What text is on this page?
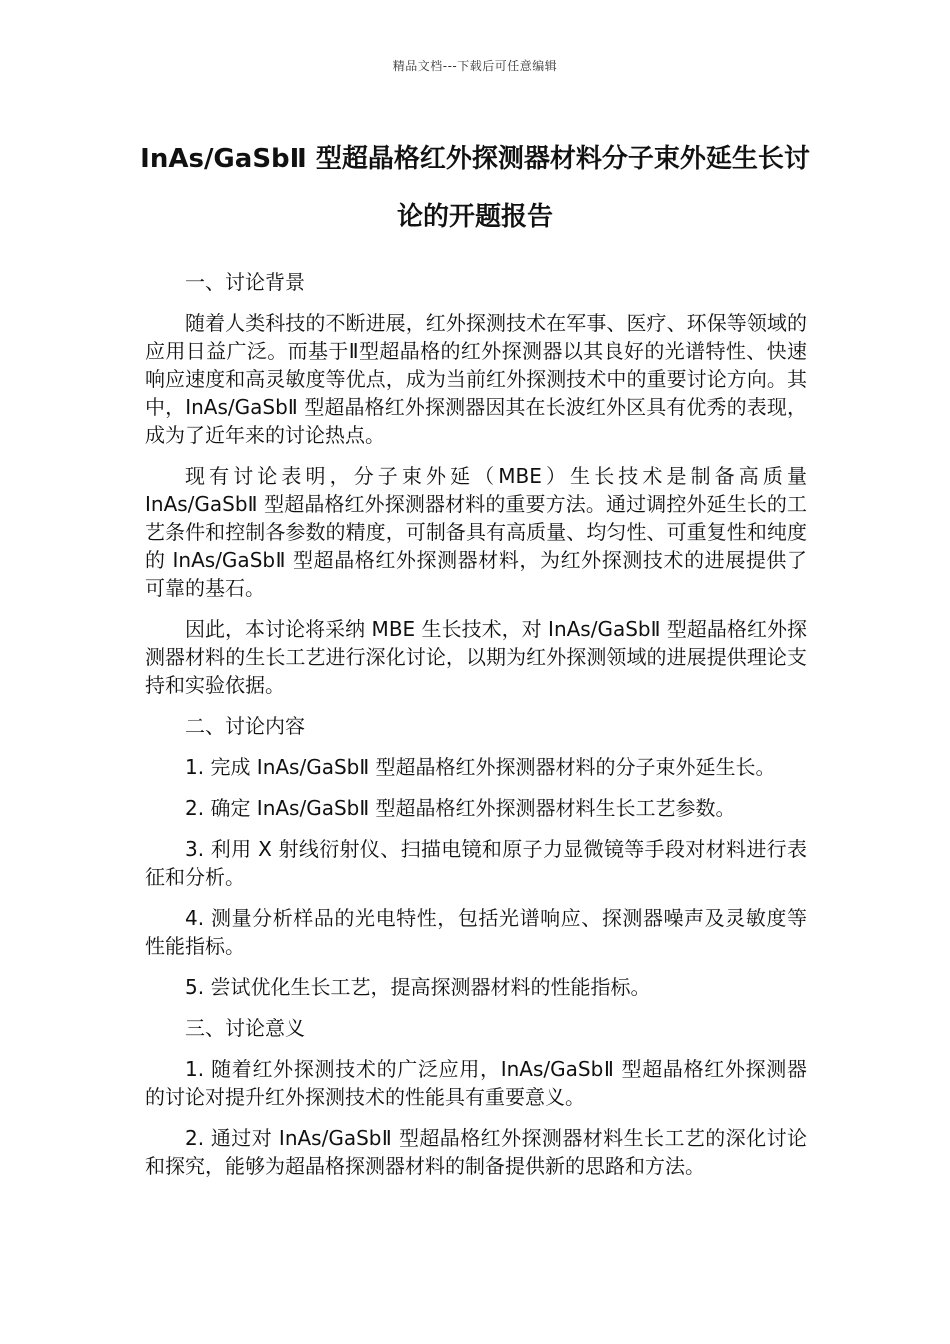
精品文档---下载后可任意编辑
InAs/GaSbⅡ 型超晶格红外探测器材料分子束外延生长讨论的开题报告

一、讨论背景

随着人类科技的不断进展，红外探测技术在军事、医疗、环保等领域的应用日益广泛。而基于Ⅱ型超晶格的红外探测器以其良好的光谱特性、快速响应速度和高灵敏度等优点，成为当前红外探测技术中的重要讨论方向。其中，InAs/GaSbⅡ 型超晶格红外探测器因其在长波红外区具有优秀的表现，成为了近年来的讨论热点。

现有讨论表明，分子束外延（MBE）生长技术是制备高质量 InAs/GaSbⅡ 型超晶格红外探测器材料的重要方法。通过调控外延生长的工艺条件和控制各参数的精度，可制备具有高质量、均匀性、可重复性和纯度的 InAs/GaSbⅡ 型超晶格红外探测器材料，为红外探测技术的进展提供了可靠的基石。

因此，本讨论将采纳 MBE 生长技术，对 InAs/GaSbⅡ 型超晶格红外探测器材料的生长工艺进行深化讨论，以期为红外探测领域的进展提供理论支持和实验依据。

二、讨论内容

1. 完成 InAs/GaSbⅡ 型超晶格红外探测器材料的分子束外延生长。

2. 确定 InAs/GaSbⅡ 型超晶格红外探测器材料生长工艺参数。

3. 利用 X 射线衍射仪、扫描电镜和原子力显微镜等手段对材料进行表征和分析。

4. 测量分析样品的光电特性，包括光谱响应、探测器噪声及灵敏度等性能指标。

5. 尝试优化生长工艺，提高探测器材料的性能指标。

三、讨论意义

1. 随着红外探测技术的广泛应用，InAs/GaSbⅡ 型超晶格红外探测器的讨论对提升红外探测技术的性能具有重要意义。

2. 通过对 InAs/GaSbⅡ 型超晶格红外探测器材料生长工艺的深化讨论和探究，能够为超晶格探测器材料的制备提供新的思路和方法。
